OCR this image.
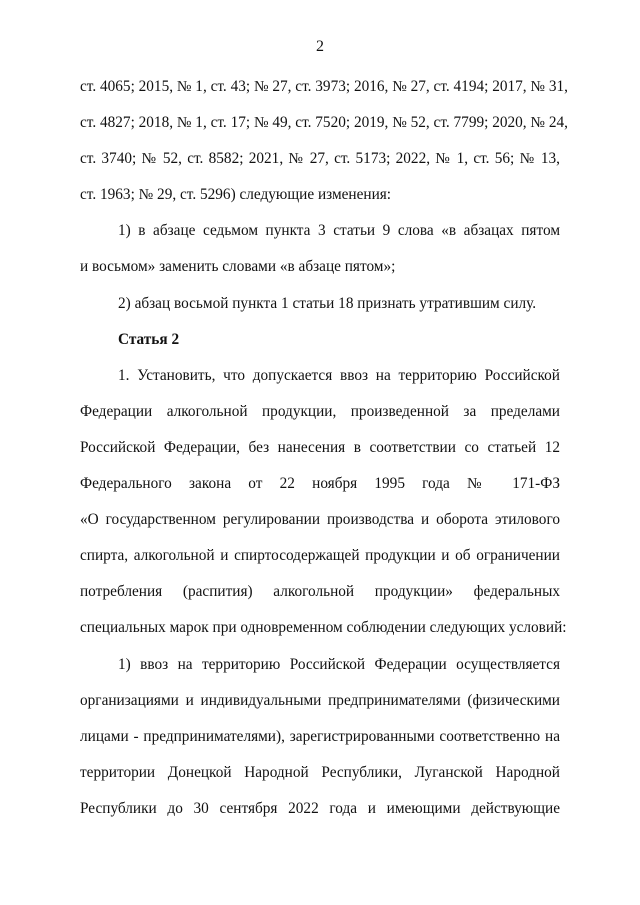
2
ст. 4065; 2015, № 1, ст. 43; № 27, ст. 3973; 2016, № 27, ст. 4194; 2017, № 31,
ст. 4827; 2018, № 1, ст. 17; № 49, ст. 7520; 2019, № 52, ст. 7799; 2020, № 24,
ст. 3740; № 52, ст. 8582; 2021, № 27, ст. 5173; 2022, № 1, ст. 56; № 13,
ст. 1963; № 29, ст. 5296) следующие изменения:
1) в абзаце седьмом пункта 3 статьи 9 слова «в абзацах пятом
и восьмом» заменить словами «в абзаце пятом»;
2) абзац восьмой пункта 1 статьи 18 признать утратившим силу.
Статья 2
1. Установить, что допускается ввоз на территорию Российской
Федерации алкогольной продукции, произведенной за пределами
Российской Федерации, без нанесения в соответствии со статьей 12
Федерального закона от 22 ноября 1995 года № 171-ФЗ
«О государственном регулировании производства и оборота этилового
спирта, алкогольной и спиртосодержащей продукции и об ограничении
потребления (распития) алкогольной продукции» федеральных
специальных марок при одновременном соблюдении следующих условий:
1) ввоз на территорию Российской Федерации осуществляется
организациями и индивидуальными предпринимателями (физическими
лицами - предпринимателями), зарегистрированными соответственно на
территории Донецкой Народной Республики, Луганской Народной
Республики до 30 сентября 2022 года и имеющими действующие
